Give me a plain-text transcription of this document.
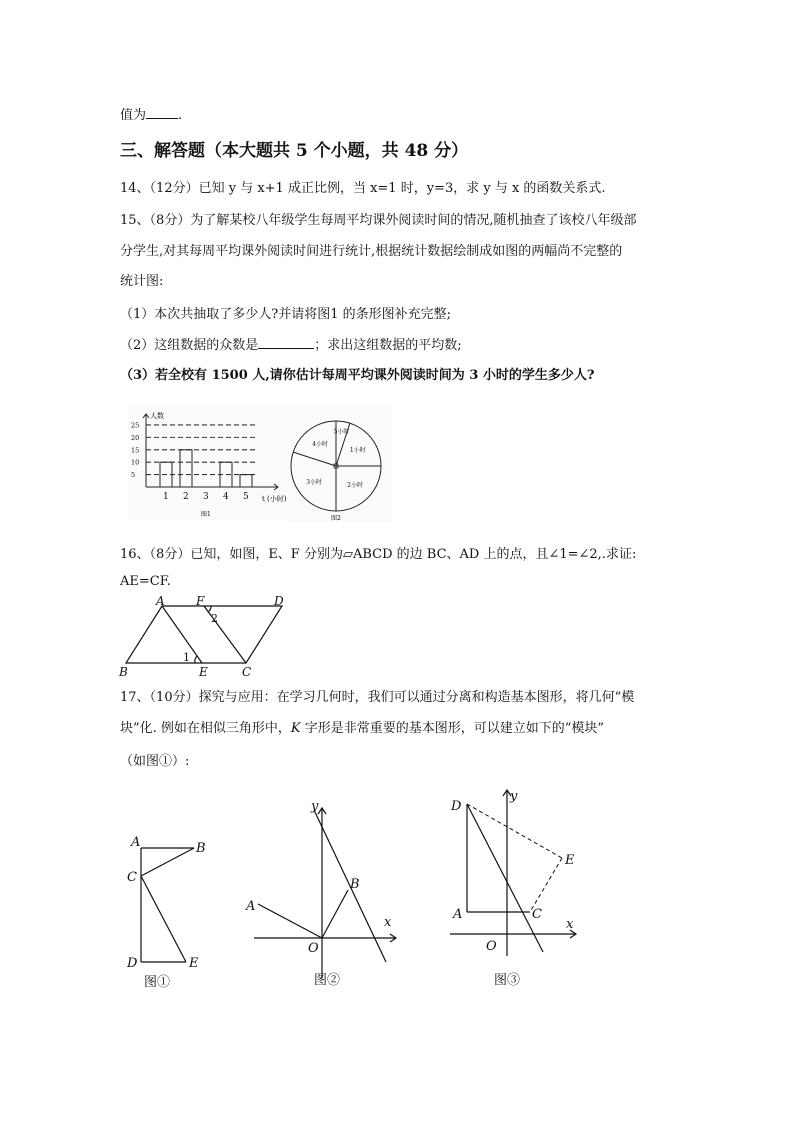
值为 .
三、解答题（本大题共 5 个小题，共 48 分）
14、（12分）已知 y 与 x+1 成正比例，当 x=1 时，y=3，求 y 与 x 的函数关系式.
15、（8分）为了解某校八年级学生每周平均课外阅读时间的情况,随机抽查了该校八年级部
分学生,对其每周平均课外阅读时间进行统计,根据统计数据绘制成如图的两幅尚不完整的
统计图:
（1）本次共抽取了多少人?并请将图1 的条形图补充完整;
（2）这组数据的众数是	；求出这组数据的平均数;
（3）若全校有 1500 人,请你估计每周平均课外阅读时间为 3 小时的学生多少人?
5
10
15
20
25
1 2 3 4 5
人数
t (小时)
图1
5小时
1小时
2小时
3小时
4小时
图2
16、（8分）已知，如图，E、F 分别为▱ABCD 的边 BC、AD 上的点，且∠1=∠2,.求证:
AE=CF.
A	F	D
B	E	C
1
2
17、（10分）探究与应用：在学习几何时，我们可以通过分离和构造基本图形，将几何“模
块”化. 例如在相似三角形中，K 字形是非常重要的基本图形，可以建立如下的“模块”
（如图①）:
A	B
C
D	E
图①
y
x
A
B
O
图②
D
y
E
A	C
x
O
图③
